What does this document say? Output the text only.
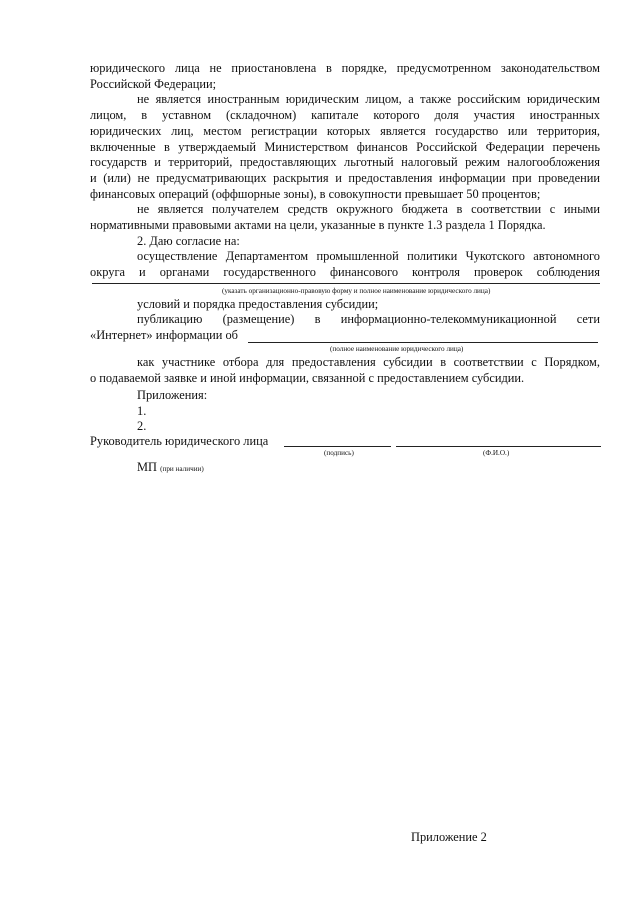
юридического лица не приостановлена в порядке, предусмотренном законодательством

Российской Федерации;

не является иностранным юридическим лицом, а также российским юридическим

лицом, в уставном (складочном) капитале которого доля участия иностранных

юридических лиц, местом регистрации которых является государство или территория,

включенные в утверждаемый Министерством финансов Российской Федерации перечень

государств и территорий, предоставляющих льготный налоговый режим налогообложения

и (или) не предусматривающих раскрытия и предоставления информации при проведении

финансовых операций (оффшорные зоны), в совокупности превышает 50 процентов;

не является получателем средств окружного бюджета в соответствии с иными

нормативными правовыми актами на цели, указанные в пункте 1.3 раздела 1 Порядка.

2. Даю согласие на:

осуществление Департаментом промышленной политики Чукотского автономного

округа и органами государственного финансового контроля проверок соблюдения

(указать организационно-правовую форму и полное наименование юридического лица)

условий и порядка предоставления субсидии;

публикацию (размещение) в информационно-телекоммуникационной сети
«Интернет» информации об
(полное наименование юридического лица)

как участнике отбора для предоставления субсидии в соответствии с Порядком,

о подаваемой заявке и иной информации, связанной с предоставлением субсидии.

Приложения:
1.
2.
Руководитель юридического лица
(подпись)	(Ф.И.О.)
МП (при наличии)
Приложение 2
